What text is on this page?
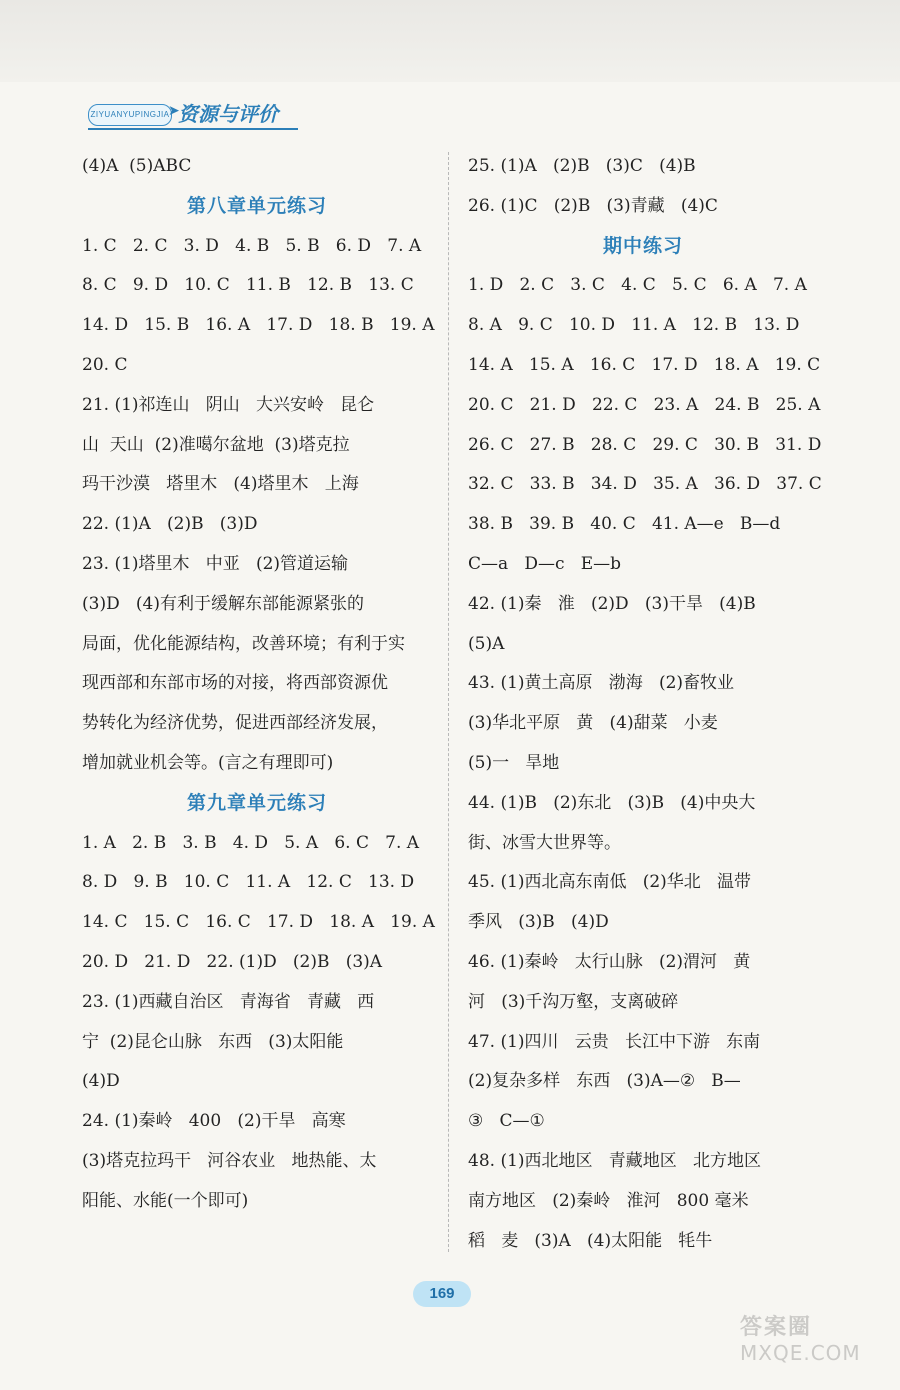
ZIYUANYUPINGJIA
➤
资源与评价
(4)A  (5)ABC
第八章单元练习
1. C   2. C   3. D   4. B   5. B   6. D   7. A
8. C   9. D   10. C   11. B   12. B   13. C
14. D   15. B   16. A   17. D   18. B   19. A
20. C
21. (1)祁连山   阴山   大兴安岭   昆仑
山  天山  (2)准噶尔盆地  (3)塔克拉
玛干沙漠   塔里木   (4)塔里木   上海
22. (1)A   (2)B   (3)D
23. (1)塔里木   中亚   (2)管道运输
(3)D   (4)有利于缓解东部能源紧张的
局面，优化能源结构，改善环境；有利于实
现西部和东部市场的对接，将西部资源优
势转化为经济优势，促进西部经济发展，
增加就业机会等。(言之有理即可)
第九章单元练习
1. A   2. B   3. B   4. D   5. A   6. C   7. A
8. D   9. B   10. C   11. A   12. C   13. D
14. C   15. C   16. C   17. D   18. A   19. A
20. D   21. D   22. (1)D   (2)B   (3)A
23. (1)西藏自治区   青海省   青藏   西
宁  (2)昆仑山脉   东西   (3)太阳能
(4)D
24. (1)秦岭   400   (2)干旱   高寒
(3)塔克拉玛干   河谷农业   地热能、太
阳能、水能(一个即可)
25. (1)A   (2)B   (3)C   (4)B
26. (1)C   (2)B   (3)青藏   (4)C
期中练习
1. D   2. C   3. C   4. C   5. C   6. A   7. A
8. A   9. C   10. D   11. A   12. B   13. D
14. A   15. A   16. C   17. D   18. A   19. C
20. C   21. D   22. C   23. A   24. B   25. A
26. C   27. B   28. C   29. C   30. B   31. D
32. C   33. B   34. D   35. A   36. D   37. C
38. B   39. B   40. C   41. A—e   B—d
C—a   D—c   E—b
42. (1)秦   淮   (2)D   (3)干旱   (4)B
(5)A
43. (1)黄土高原   渤海   (2)畜牧业
(3)华北平原   黄   (4)甜菜   小麦
(5)一   旱地
44. (1)B   (2)东北   (3)B   (4)中央大
街、冰雪大世界等。
45. (1)西北高东南低   (2)华北   温带
季风   (3)B   (4)D
46. (1)秦岭   太行山脉   (2)渭河   黄
河   (3)千沟万壑，支离破碎
47. (1)四川   云贵   长江中下游   东南
(2)复杂多样   东西   (3)A—②   B—
③   C—①
48. (1)西北地区   青藏地区   北方地区
南方地区   (2)秦岭   淮河   800 毫米
稻   麦   (3)A   (4)太阳能   牦牛
169
答案圈
MXQE.COM
